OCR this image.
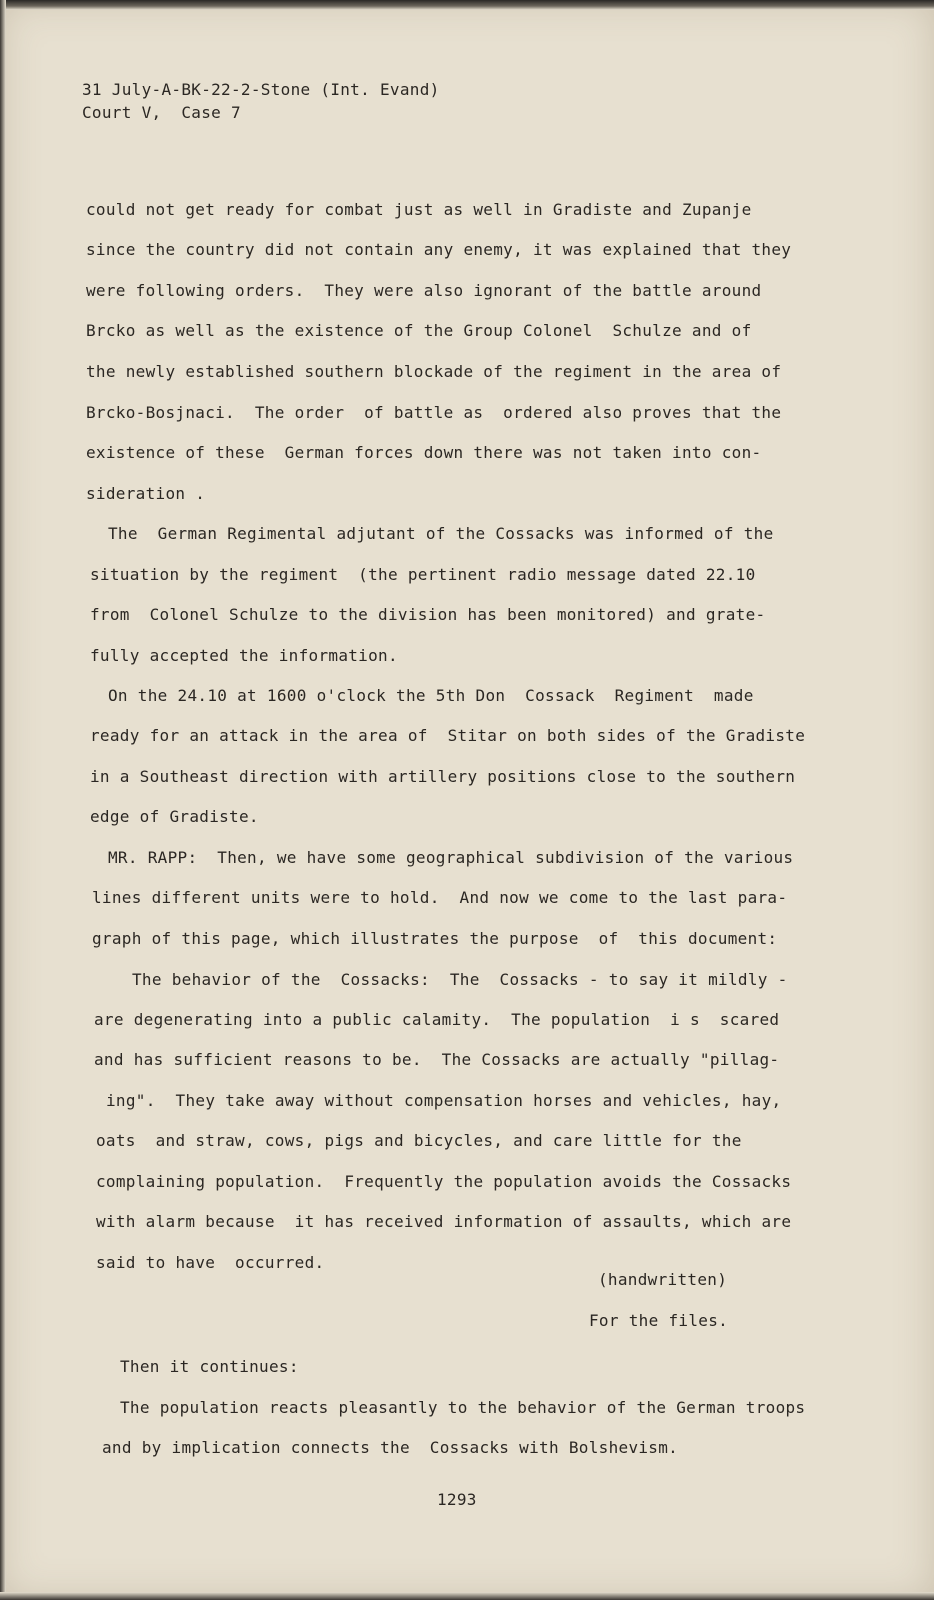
31 July-A-BK-22-2-Stone (Int. Evand)
Court V,  Case 7
could not get ready for combat just as well in Gradiste and Zupanje
since the country did not contain any enemy, it was explained that they
were following orders.  They were also ignorant of the battle around
Brcko as well as the existence of the Group Colonel  Schulze and of
the newly established southern blockade of the regiment in the area of
Brcko-Bosjnaci.  The order  of battle as  ordered also proves that the
existence of these  German forces down there was not taken into con-
sideration .
The  German Regimental adjutant of the Cossacks was informed of the
situation by the regiment  (the pertinent radio message dated 22.10
from  Colonel Schulze to the division has been monitored) and grate-
fully accepted the information.
On the 24.10 at 1600 o'clock the 5th Don  Cossack  Regiment  made
ready for an attack in the area of  Stitar on both sides of the Gradiste
in a Southeast direction with artillery positions close to the southern
edge of Gradiste.
MR. RAPP:  Then, we have some geographical subdivision of the various
lines different units were to hold.  And now we come to the last para-
graph of this page, which illustrates the purpose  of  this document:
The behavior of the  Cossacks:  The  Cossacks - to say it mildly -
are degenerating into a public calamity.  The population  i s  scared
and has sufficient reasons to be.  The Cossacks are actually "pillag-
ing".  They take away without compensation horses and vehicles, hay,
oats  and straw, cows, pigs and bicycles, and care little for the
complaining population.  Frequently the population avoids the Cossacks
with alarm because  it has received information of assaults, which are
said to have  occurred.
(handwritten)
For the files.
Then it continues:
The population reacts pleasantly to the behavior of the German troops
and by implication connects the  Cossacks with Bolshevism.
1293
